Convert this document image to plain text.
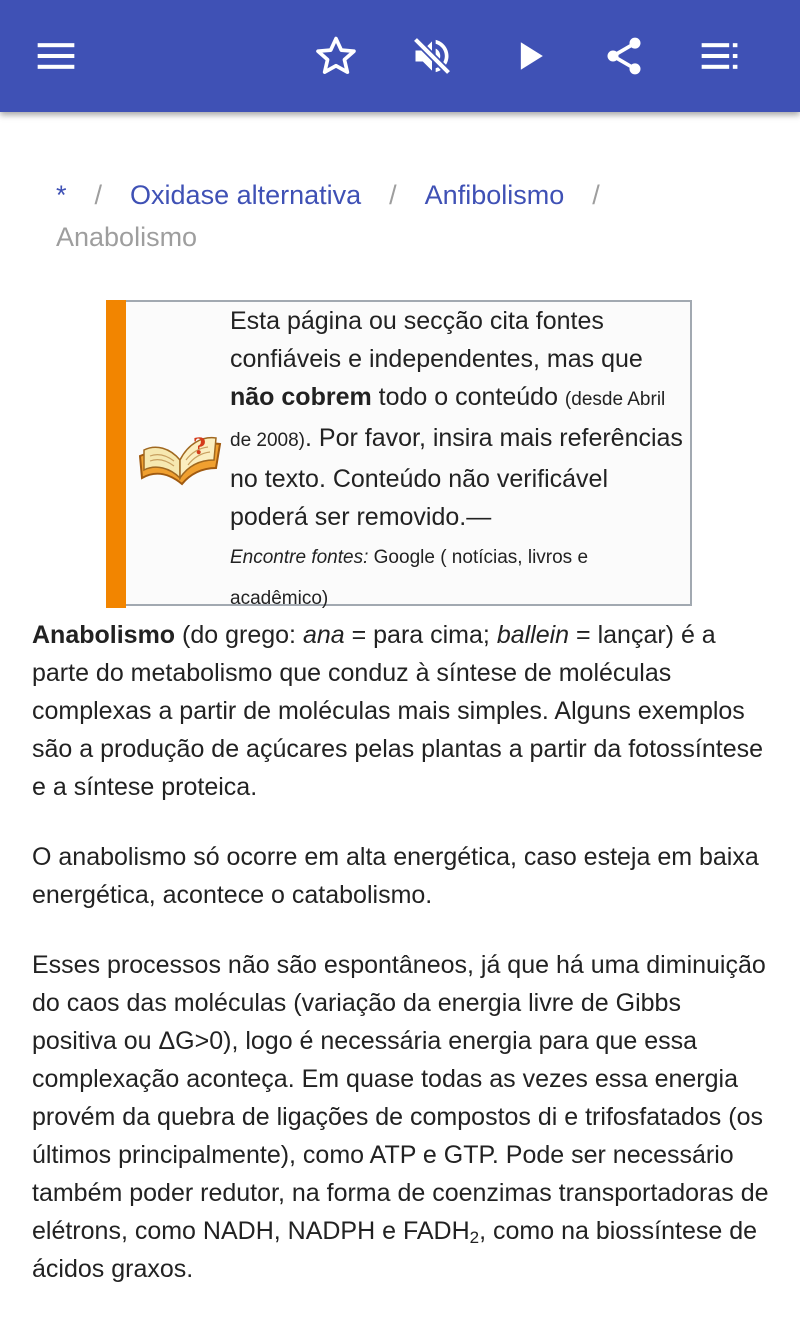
* / Oxidase alternativa / Anfibolismo /
Anabolismo
?
Esta página ou secção cita fontes confiáveis e independentes, mas que não cobrem todo o conteúdo (desde Abril de 2008). Por favor, insira mais referências no texto. Conteúdo não verificável poderá ser removido.—
Encontre fontes: Google ( notícias, livros e acadêmico)

Anabolismo (do grego: ana = para cima; ballein = lançar) é a parte do metabolismo que conduz à síntese de moléculas complexas a partir de moléculas mais simples. Alguns exemplos são a produção de açúcares pelas plantas a partir da fotossíntese e a síntese proteica.

O anabolismo só ocorre em alta energética, caso esteja em baixa energética, acontece o catabolismo.

Esses processos não são espontâneos, já que há uma diminuição do caos das moléculas (variação da energia livre de Gibbs positiva ou ΔG>0), logo é necessária energia para que essa complexação aconteça. Em quase todas as vezes essa energia provém da quebra de ligações de compostos di e trifosfatados (os últimos principalmente), como ATP e GTP. Pode ser necessário também poder redutor, na forma de coenzimas transportadoras de elétrons, como NADH, NADPH e $FADH_2$, como na biossíntese de ácidos graxos.
